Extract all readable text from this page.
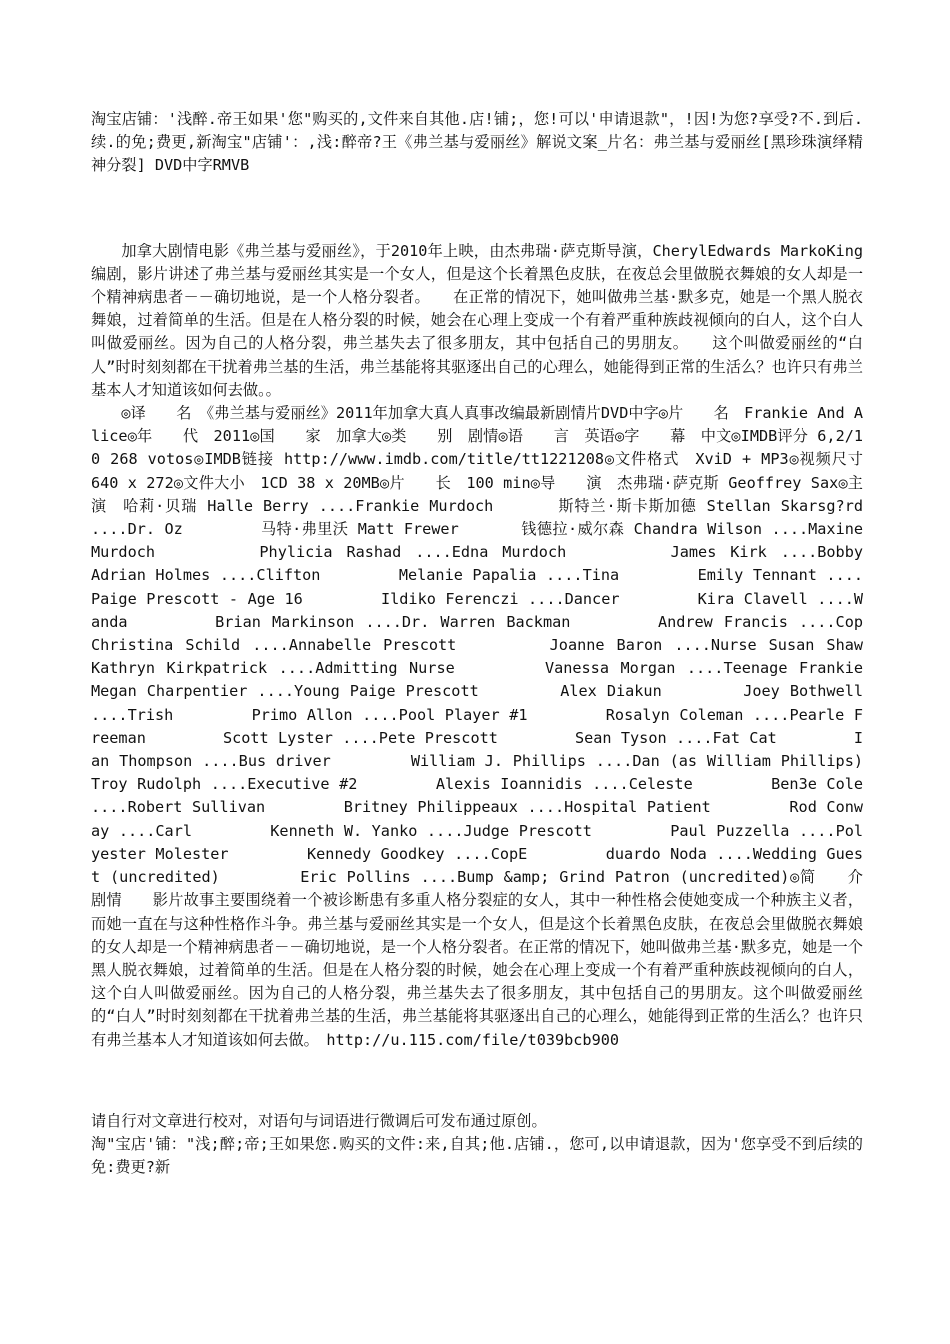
淘宝店铺：'浅醉.帝王如果'您"购买的,文件来自其他.店!铺;，您!可以'申请退款"，!因!为您?享受?不.到后.续.的免;费更,新淘宝"店铺'：,浅:醉帝?王《弗兰基与爱丽丝》解说文案_片名：弗兰基与爱丽丝[黑珍珠演绎精神分裂] DVD中字RMVB

加拿大剧情电影《弗兰基与爱丽丝》，于2010年上映，由杰弗瑞·萨克斯导演，CherylEdwards MarkoKing 编剧，影片讲述了弗兰基与爱丽丝其实是一个女人，但是这个长着黑色皮肤，在夜总会里做脱衣舞娘的女人却是一个精神病患者－－确切地说，是一个人格分裂者。　　在正常的情况下，她叫做弗兰基·默多克，她是一个黑人脱衣舞娘，过着简单的生活。但是在人格分裂的时候，她会在心理上变成一个有着严重种族歧视倾向的白人，这个白人叫做爱丽丝。因为自己的人格分裂，弗兰基失去了很多朋友，其中包括自己的男朋友。　　这个叫做爱丽丝的“白人”时时刻刻都在干扰着弗兰基的生活，弗兰基能将其驱逐出自己的心理么，她能得到正常的生活么？也许只有弗兰基本人才知道该如何去做。。

◎译　　名　《弗兰基与爱丽丝》2011年加拿大真人真事改编最新剧情片DVD中字◎片　　名　Frankie And Alice◎年　　代　2011◎国　　家　加拿大◎类　　别　剧情◎语　　言　英语◎字　　幕　中文◎IMDB评分 6,2/10 268 votos◎IMDB链接 http://www.imdb.com/title/tt1221208◎文件格式　XviD + MP3◎视频尺寸　640 x 272◎文件大小　1CD 38 x 20MB◎片　　长　100 min◎导　　演　杰弗瑞·萨克斯 Geoffrey Sax◎主　　演　哈莉·贝瑞 Halle Berry ....Frankie Murdoch　　　　斯特兰·斯卡斯加德 Stellan Skarsg?rd ....Dr. Oz　　　　　马特·弗里沃 Matt Frewer　　　　钱德拉·威尔森 Chandra Wilson ....Maxine Murdoch　　　　　Phylicia Rashad ....Edna Murdoch　　　　　James Kirk ....Bobby　　　　　Adrian Holmes ....Clifton　　　　　Melanie Papalia ....Tina　　　　　Emily Tennant ....Paige Prescott - Age 16　　　　　Ildiko Ferenczi ....Dancer　　　　　Kira Clavell ....Wanda　　　　　Brian Markinson ....Dr. Warren Backman　　　　　Andrew Francis ....Cop　　　　　Christina Schild ....Annabelle Prescott　　　　　Joanne Baron ....Nurse Susan Shaw　　　　　Kathryn Kirkpatrick ....Admitting Nurse　　　　　Vanessa Morgan ....Teenage Frankie　　　　　Megan Charpentier ....Young Paige Prescott　　　　　Alex Diakun　　　　　Joey Bothwell ....Trish　　　　　Primo Allon ....Pool Player #1　　　　　Rosalyn Coleman ....Pearle Freeman　　　　　Scott Lyster ....Pete Prescott　　　　　Sean Tyson ....Fat Cat　　　　　Ian Thompson ....Bus driver　　　　　William J. Phillips ....Dan (as William Phillips)　　　　　Troy Rudolph ....Executive #2　　　　　Alexis Ioannidis ....Celeste　　　　　Ben3e Cole ....Robert Sullivan　　　　　Britney Philippeaux ....Hospital Patient　　　　　Rod Conway ....Carl　　　　　Kenneth W. Yanko ....Judge Prescott　　　　　Paul Puzzella ....Polyester Molester　　　　　Kennedy Goodkey ....CopE　　　　　duardo Noda ....Wedding Guest (uncredited)　　　　　Eric Pollins ....Bump &amp; Grind Patron (uncredited)◎简　　介　剧情　　影片故事主要围绕着一个被诊断患有多重人格分裂症的女人，其中一种性格会使她变成一个种族主义者，而她一直在与这种性格作斗争。弗兰基与爱丽丝其实是一个女人，但是这个长着黑色皮肤，在夜总会里做脱衣舞娘的女人却是一个精神病患者－－确切地说，是一个人格分裂者。在正常的情况下，她叫做弗兰基·默多克，她是一个黑人脱衣舞娘，过着简单的生活。但是在人格分裂的时候，她会在心理上变成一个有着严重种族歧视倾向的白人，这个白人叫做爱丽丝。因为自己的人格分裂，弗兰基失去了很多朋友，其中包括自己的男朋友。这个叫做爱丽丝的“白人”时时刻刻都在干扰着弗兰基的生活，弗兰基能将其驱逐出自己的心理么，她能得到正常的生活么？也许只有弗兰基本人才知道该如何去做。　http://u.115.com/file/t039bcb900

请自行对文章进行校对，对语句与词语进行微调后可发布通过原创。

淘"宝店'铺："浅;醉;帝;王如果您.购买的文件:来,自其;他.店铺.，您可,以申请退款，因为'您享受不到后续的免:费更?新
